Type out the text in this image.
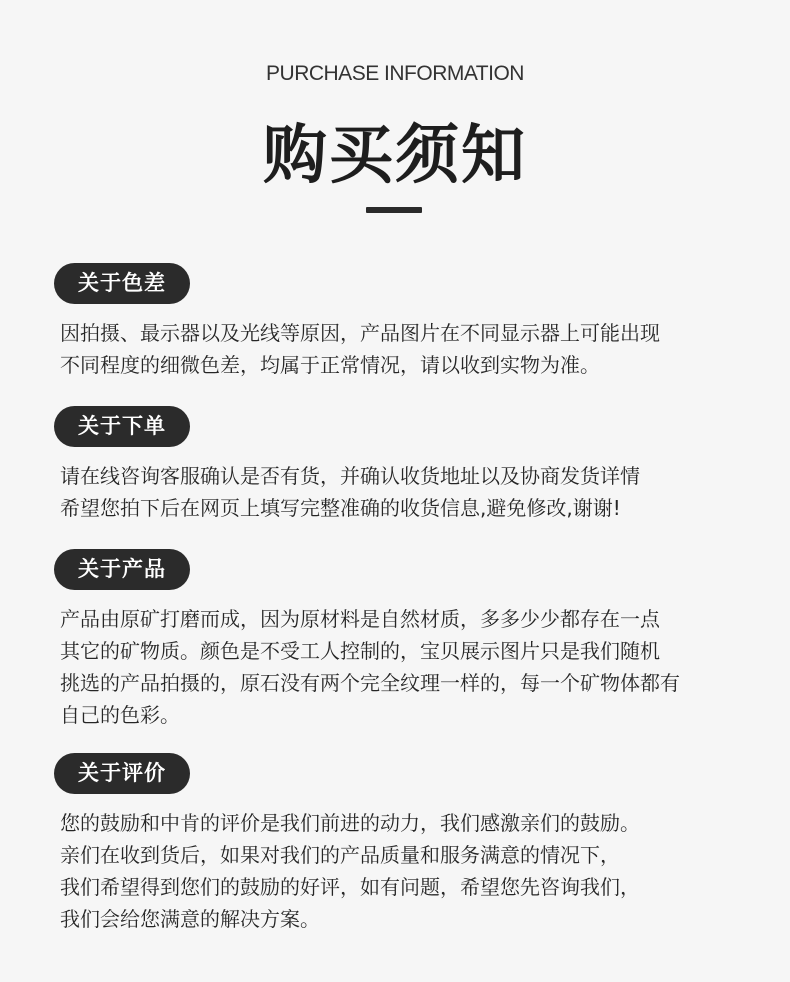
PURCHASE INFORMATION
购买须知
关于色差
因拍摄、最示器以及光线等原因，产品图片在不同显示器上可能出现
不同程度的细微色差，均属于正常情况，请以收到实物为准。
关于下单
请在线咨询客服确认是否有货，并确认收货地址以及协商发货详情
希望您拍下后在网页上填写完整准确的收货信息,避免修改,谢谢!
关于产品
产品由原矿打磨而成，因为原材料是自然材质，多多少少都存在一点
其它的矿物质。颜色是不受工人控制的，宝贝展示图片只是我们随机
挑选的产品拍摄的，原石没有两个完全纹理一样的，每一个矿物体都有
自己的色彩。
关于评价
您的鼓励和中肯的评价是我们前进的动力，我们感激亲们的鼓励。
亲们在收到货后，如果对我们的产品质量和服务满意的情况下，
我们希望得到您们的鼓励的好评，如有问题，希望您先咨询我们，
我们会给您满意的解决方案。
